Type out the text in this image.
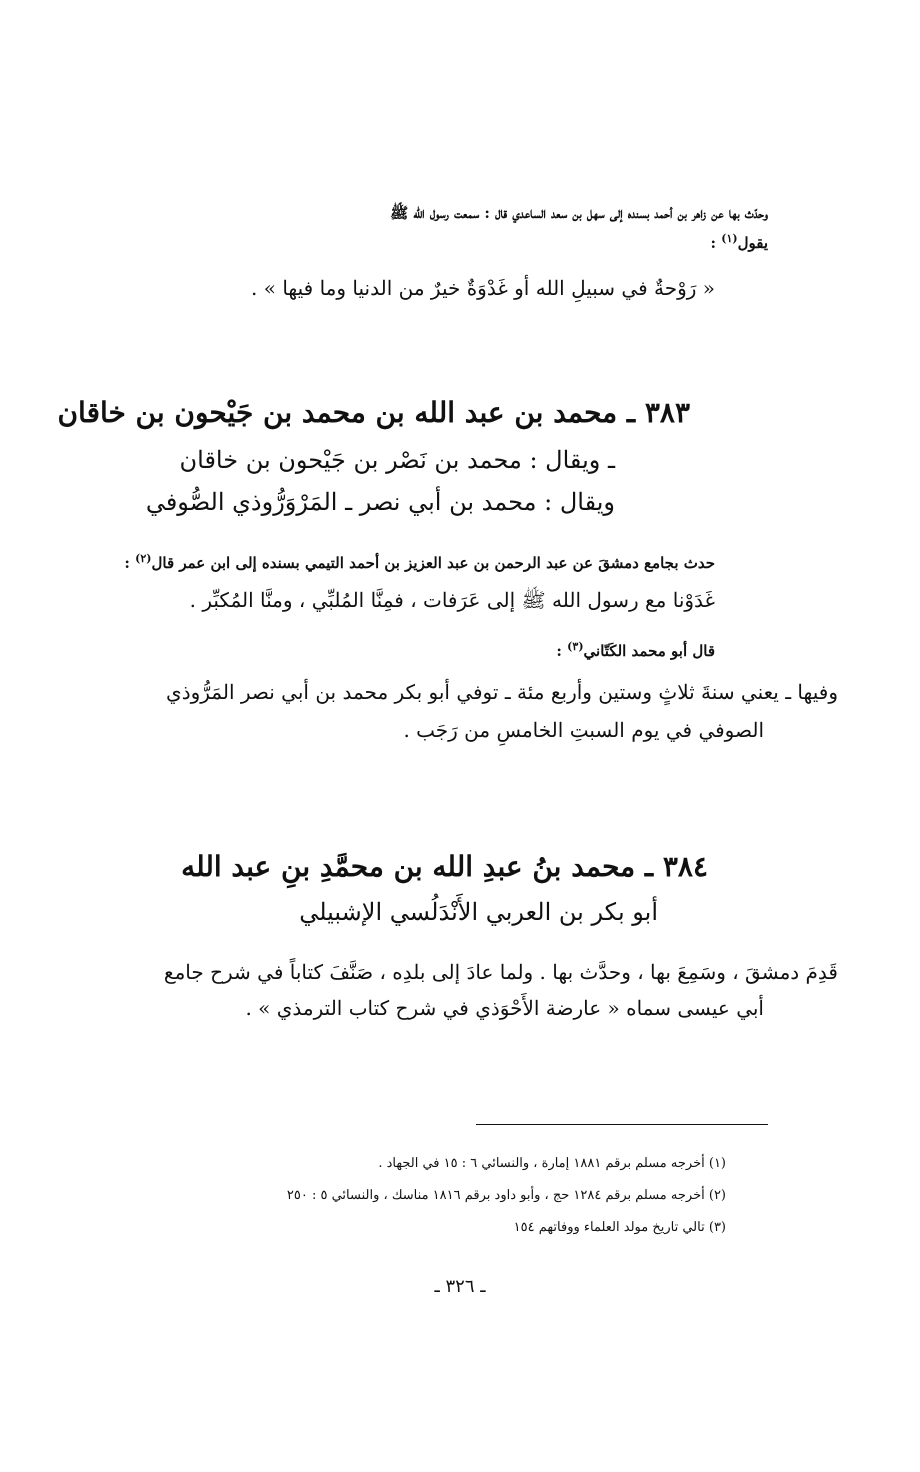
وحدّث بها عن زاهر بن أحمد بسنده إلى سهل بن سعد الساعدي قال : سمعت رسول الله ﷺ
يقول$^{(١)}$ :
« رَوْحةٌ في سبيلِ الله أو غَدْوَةٌ خيرٌ من الدنيا وما فيها » .
٣٨٣ ـ محمد بن عبد الله بن محمد بن جَيْحون بن خاقان
ـ ويقال : محمد بن نَصْر بن جَيْحون بن خاقان
ويقال : محمد بن أبي نصر ـ المَرْوَرُّوذي الصُّوفي
حدث بجامع دمشقَ عن عبد الرحمن بن عبد العزيز بن أحمد التيمي بسنده إلى ابن عمر قال$^{(٢)}$ :
غَدَوْنا مع رسول الله ﷺ إلى عَرَفات ، فمِنَّا المُلبِّي ، ومنَّا المُكبِّر .
قال أبو محمد الكَتّاني$^{(٣)}$ :
وفيها ـ يعني سنةَ ثلاثٍ وستين وأربع مئة ـ توفي أبو بكر محمد بن أبي نصر المَرُّوذي
الصوفي في يوم السبتِ الخامسِ من رَجَب .
٣٨٤ ـ محمد بنُ عبدِ الله بن محمَّدِ بنِ عبد الله
أبو بكر بن العربي الأَنْدَلُسي الإشبيلي
قَدِمَ دمشقَ ، وسَمِعَ بها ، وحدَّث بها . ولما عادَ إلى بلدِه ، صَنَّفَ كتاباً في شرح جامع
أبي عيسى سماه « عارضة الأَحْوَذي في شرح كتاب الترمذي » .
(١) أخرجه مسلم برقم ١٨٨١ إمارة ، والنسائي ٦ : ١٥ في الجهاد .
(٢) أخرجه مسلم برقم ١٢٨٤ حج ، وأبو داود برقم ١٨١٦ مناسك ، والنسائي ٥ : ٢٥٠
(٣) تالي تاريخ مولد العلماء ووفاتهم ١٥٤
ـ ٣٢٦ ـ
